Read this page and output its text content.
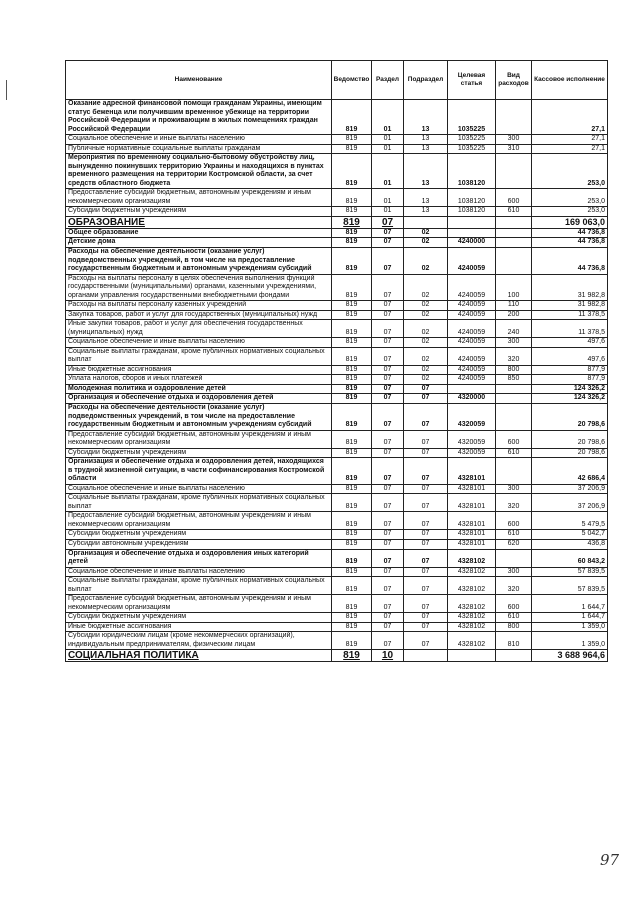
Наименование	Ведомство	Раздел	Подраздел	Целевая статья	Вид расходов	Кассовое исполнение
Оказание адресной финансовой помощи гражданам Украины, имеющим статус беженца или получившим временное убежище на территории Российской Федерации и проживающим в жилых помещениях граждан Российской Федерации	819	01	13	1035225		27,1
Социальное обеспечение и иные выплаты населению	819	01	13	1035225	300	27,1
Публичные нормативные социальные выплаты гражданам	819	01	13	1035225	310	27,1
Мероприятия по временному социально-бытовому обустройству лиц, вынужденно покинувших территорию Украины и находящихся в пунктах временного размещения на территории Костромской области, за счет средств областного бюджета	819	01	13	1038120		253,0
Предоставление субсидий бюджетным, автономным учреждениям и иным некоммерческим организациям	819	01	13	1038120	600	253,0
Субсидии бюджетным учреждениям	819	01	13	1038120	610	253,0
ОБРАЗОВАНИЕ	819	07				169 063,0
Общее образование	819	07	02			44 736,8
Детские дома	819	07	02	4240000		44 736,8
Расходы на обеспечение деятельности (оказание услуг) подведомственных учреждений, в том числе на предоставление государственным бюджетным и автономным учреждениям субсидий	819	07	02	4240059		44 736,8
Расходы на выплаты персоналу в целях обеспечения выполнения функций государственными (муниципальными) органами, казенными учреждениями, органами управления государственными внебюджетными фондами	819	07	02	4240059	100	31 982,8
Расходы на выплаты персоналу казенных учреждений	819	07	02	4240059	110	31 982,8
Закупка товаров, работ и услуг для государственных (муниципальных) нужд	819	07	02	4240059	200	11 378,5
Иные закупки товаров, работ и услуг для обеспечения государственных (муниципальных) нужд	819	07	02	4240059	240	11 378,5
Социальное обеспечение и иные выплаты населению	819	07	02	4240059	300	497,6
Социальные выплаты гражданам, кроме публичных нормативных социальных выплат	819	07	02	4240059	320	497,6
Иные бюджетные ассигнования	819	07	02	4240059	800	877,9
Уплата налогов, сборов и иных платежей	819	07	02	4240059	850	877,9
Молодежная политика и оздоровление детей	819	07	07			124 326,2
Организация и обеспечение отдыха и оздоровления детей	819	07	07	4320000		124 326,2
Расходы на обеспечение деятельности (оказание услуг) подведомственных учреждений, в том числе на предоставление государственным бюджетным и автономным учреждениям субсидий	819	07	07	4320059		20 798,6
Предоставление субсидий бюджетным, автономным учреждениям и иным некоммерческим организациям	819	07	07	4320059	600	20 798,6
Субсидии бюджетным учреждениям	819	07	07	4320059	610	20 798,6
Организация и обеспечение отдыха и оздоровления детей, находящихся в трудной жизненной ситуации, в части софинансирования Костромской области	819	07	07	4328101		42 686,4
Социальное обеспечение и иные выплаты населению	819	07	07	4328101	300	37 206,9
Социальные выплаты гражданам, кроме публичных нормативных социальных выплат	819	07	07	4328101	320	37 206,9
Предоставление субсидий бюджетным, автономным учреждениям и иным некоммерческим организациям	819	07	07	4328101	600	5 479,5
Субсидии бюджетным учреждениям	819	07	07	4328101	610	5 042,7
Субсидии автономным учреждениям	819	07	07	4328101	620	436,8
Организация и обеспечение отдыха и оздоровления иных категорий детей	819	07	07	4328102		60 843,2
Социальное обеспечение и иные выплаты населению	819	07	07	4328102	300	57 839,5
Социальные выплаты гражданам, кроме публичных нормативных социальных выплат	819	07	07	4328102	320	57 839,5
Предоставление субсидий бюджетным, автономным учреждениям и иным некоммерческим организациям	819	07	07	4328102	600	1 644,7
Субсидии бюджетным учреждениям	819	07	07	4328102	610	1 644,7
Иные бюджетные ассигнования	819	07	07	4328102	800	1 359,0
Субсидии юридическим лицам (кроме некоммерческих организаций), индивидуальным предпринимателям, физическим лицам	819	07	07	4328102	810	1 359,0
СОЦИАЛЬНАЯ ПОЛИТИКА	819	10				3 688 964,6
97
